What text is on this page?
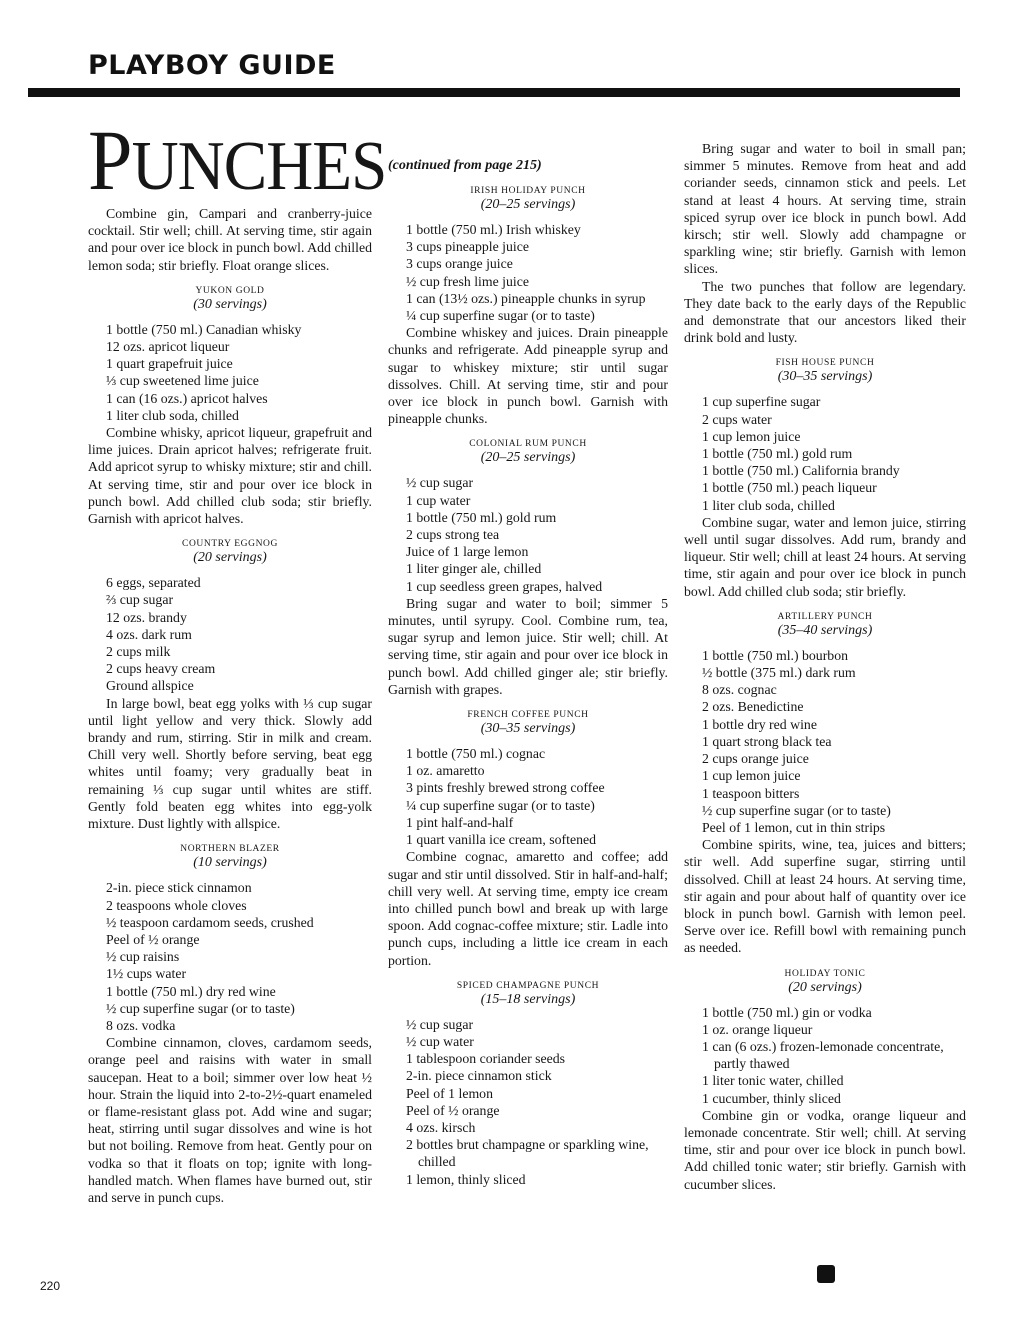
PLAYBOY GUIDE
PUNCHES

Combine gin, Campari and cranberry-juice cocktail. Stir well; chill. At serving time, stir again and pour over ice block in punch bowl. Add chilled lemon soda; stir briefly. Float orange slices.

YUKON GOLD
(30 servings)
1 bottle (750 ml.) Canadian whisky
12 ozs. apricot liqueur
1 quart grapefruit juice
⅓ cup sweetened lime juice
1 can (16 ozs.) apricot halves
1 liter club soda, chilled

Combine whisky, apricot liqueur, grapefruit and lime juices. Drain apricot halves; refrigerate fruit. Add apricot syrup to whisky mixture; stir and chill. At serving time, stir and pour over ice block in punch bowl. Add chilled club soda; stir briefly. Garnish with apricot halves.

COUNTRY EGGNOG
(20 servings)
6 eggs, separated
⅔ cup sugar
12 ozs. brandy
4 ozs. dark rum
2 cups milk
2 cups heavy cream
Ground allspice

In large bowl, beat egg yolks with ⅓ cup sugar until light yellow and very thick. Slowly add brandy and rum, stirring. Stir in milk and cream. Chill very well. Shortly before serving, beat egg whites until foamy; very gradually beat in remaining ⅓ cup sugar until whites are stiff. Gently fold beaten egg whites into egg-yolk mixture. Dust lightly with allspice.

NORTHERN BLAZER
(10 servings)
2-in. piece stick cinnamon
2 teaspoons whole cloves
½ teaspoon cardamom seeds, crushed
Peel of ½ orange
½ cup raisins
1½ cups water
1 bottle (750 ml.) dry red wine
½ cup superfine sugar (or to taste)
8 ozs. vodka

Combine cinnamon, cloves, cardamom seeds, orange peel and raisins with water in small saucepan. Heat to a boil; simmer over low heat ½ hour. Strain the liquid into 2-to-2½-quart enameled or flame-resistant glass pot. Add wine and sugar; heat, stirring until sugar dissolves and wine is hot but not boiling. Remove from heat. Gently pour on vodka so that it floats on top; ignite with long-handled match. When flames have burned out, stir and serve in punch cups.

(continued from page 215)
IRISH HOLIDAY PUNCH
(20–25 servings)
1 bottle (750 ml.) Irish whiskey
3 cups pineapple juice
3 cups orange juice
½ cup fresh lime juice
1 can (13½ ozs.) pineapple chunks in syrup
¼ cup superfine sugar (or to taste)

Combine whiskey and juices. Drain pineapple chunks and refrigerate. Add pineapple syrup and sugar to whiskey mixture; stir until sugar dissolves. Chill. At serving time, stir and pour over ice block in punch bowl. Garnish with pineapple chunks.

COLONIAL RUM PUNCH
(20–25 servings)
½ cup sugar
1 cup water
1 bottle (750 ml.) gold rum
2 cups strong tea
Juice of 1 large lemon
1 liter ginger ale, chilled
1 cup seedless green grapes, halved

Bring sugar and water to boil; simmer 5 minutes, until syrupy. Cool. Combine rum, tea, sugar syrup and lemon juice. Stir well; chill. At serving time, stir again and pour over ice block in punch bowl. Add chilled ginger ale; stir briefly. Garnish with grapes.

FRENCH COFFEE PUNCH
(30–35 servings)
1 bottle (750 ml.) cognac
1 oz. amaretto
3 pints freshly brewed strong coffee
¼ cup superfine sugar (or to taste)
1 pint half-and-half
1 quart vanilla ice cream, softened

Combine cognac, amaretto and coffee; add sugar and stir until dissolved. Stir in half-and-half; chill very well. At serving time, empty ice cream into chilled punch bowl and break up with large spoon. Add cognac-coffee mixture; stir. Ladle into punch cups, including a little ice cream in each portion.

SPICED CHAMPAGNE PUNCH
(15–18 servings)
½ cup sugar
½ cup water
1 tablespoon coriander seeds
2-in. piece cinnamon stick
Peel of 1 lemon
Peel of ½ orange
4 ozs. kirsch
2 bottles brut champagne or sparkling wine, chilled
1 lemon, thinly sliced

Bring sugar and water to boil in small pan; simmer 5 minutes. Remove from heat and add coriander seeds, cinnamon stick and peels. Let stand at least 4 hours. At serving time, strain spiced syrup over ice block in punch bowl. Add kirsch; stir well. Slowly add champagne or sparkling wine; stir briefly. Garnish with lemon slices.

The two punches that follow are legendary. They date back to the early days of the Republic and demonstrate that our ancestors liked their drink bold and lusty.

FISH HOUSE PUNCH
(30–35 servings)
1 cup superfine sugar
2 cups water
1 cup lemon juice
1 bottle (750 ml.) gold rum
1 bottle (750 ml.) California brandy
1 bottle (750 ml.) peach liqueur
1 liter club soda, chilled

Combine sugar, water and lemon juice, stirring well until sugar dissolves. Add rum, brandy and liqueur. Stir well; chill at least 24 hours. At serving time, stir again and pour over ice block in punch bowl. Add chilled club soda; stir briefly.

ARTILLERY PUNCH
(35–40 servings)
1 bottle (750 ml.) bourbon
½ bottle (375 ml.) dark rum
8 ozs. cognac
2 ozs. Benedictine
1 bottle dry red wine
1 quart strong black tea
2 cups orange juice
1 cup lemon juice
1 teaspoon bitters
½ cup superfine sugar (or to taste)
Peel of 1 lemon, cut in thin strips

Combine spirits, wine, tea, juices and bitters; stir well. Add superfine sugar, stirring until dissolved. Chill at least 24 hours. At serving time, stir again and pour about half of quantity over ice block in punch bowl. Garnish with lemon peel. Serve over ice. Refill bowl with remaining punch as needed.

HOLIDAY TONIC
(20 servings)
1 bottle (750 ml.) gin or vodka
1 oz. orange liqueur
1 can (6 ozs.) frozen-lemonade concentrate, partly thawed
1 liter tonic water, chilled
1 cucumber, thinly sliced

Combine gin or vodka, orange liqueur and lemonade concentrate. Stir well; chill. At serving time, stir and pour over ice block in punch bowl. Add chilled tonic water; stir briefly. Garnish with cucumber slices.

220
